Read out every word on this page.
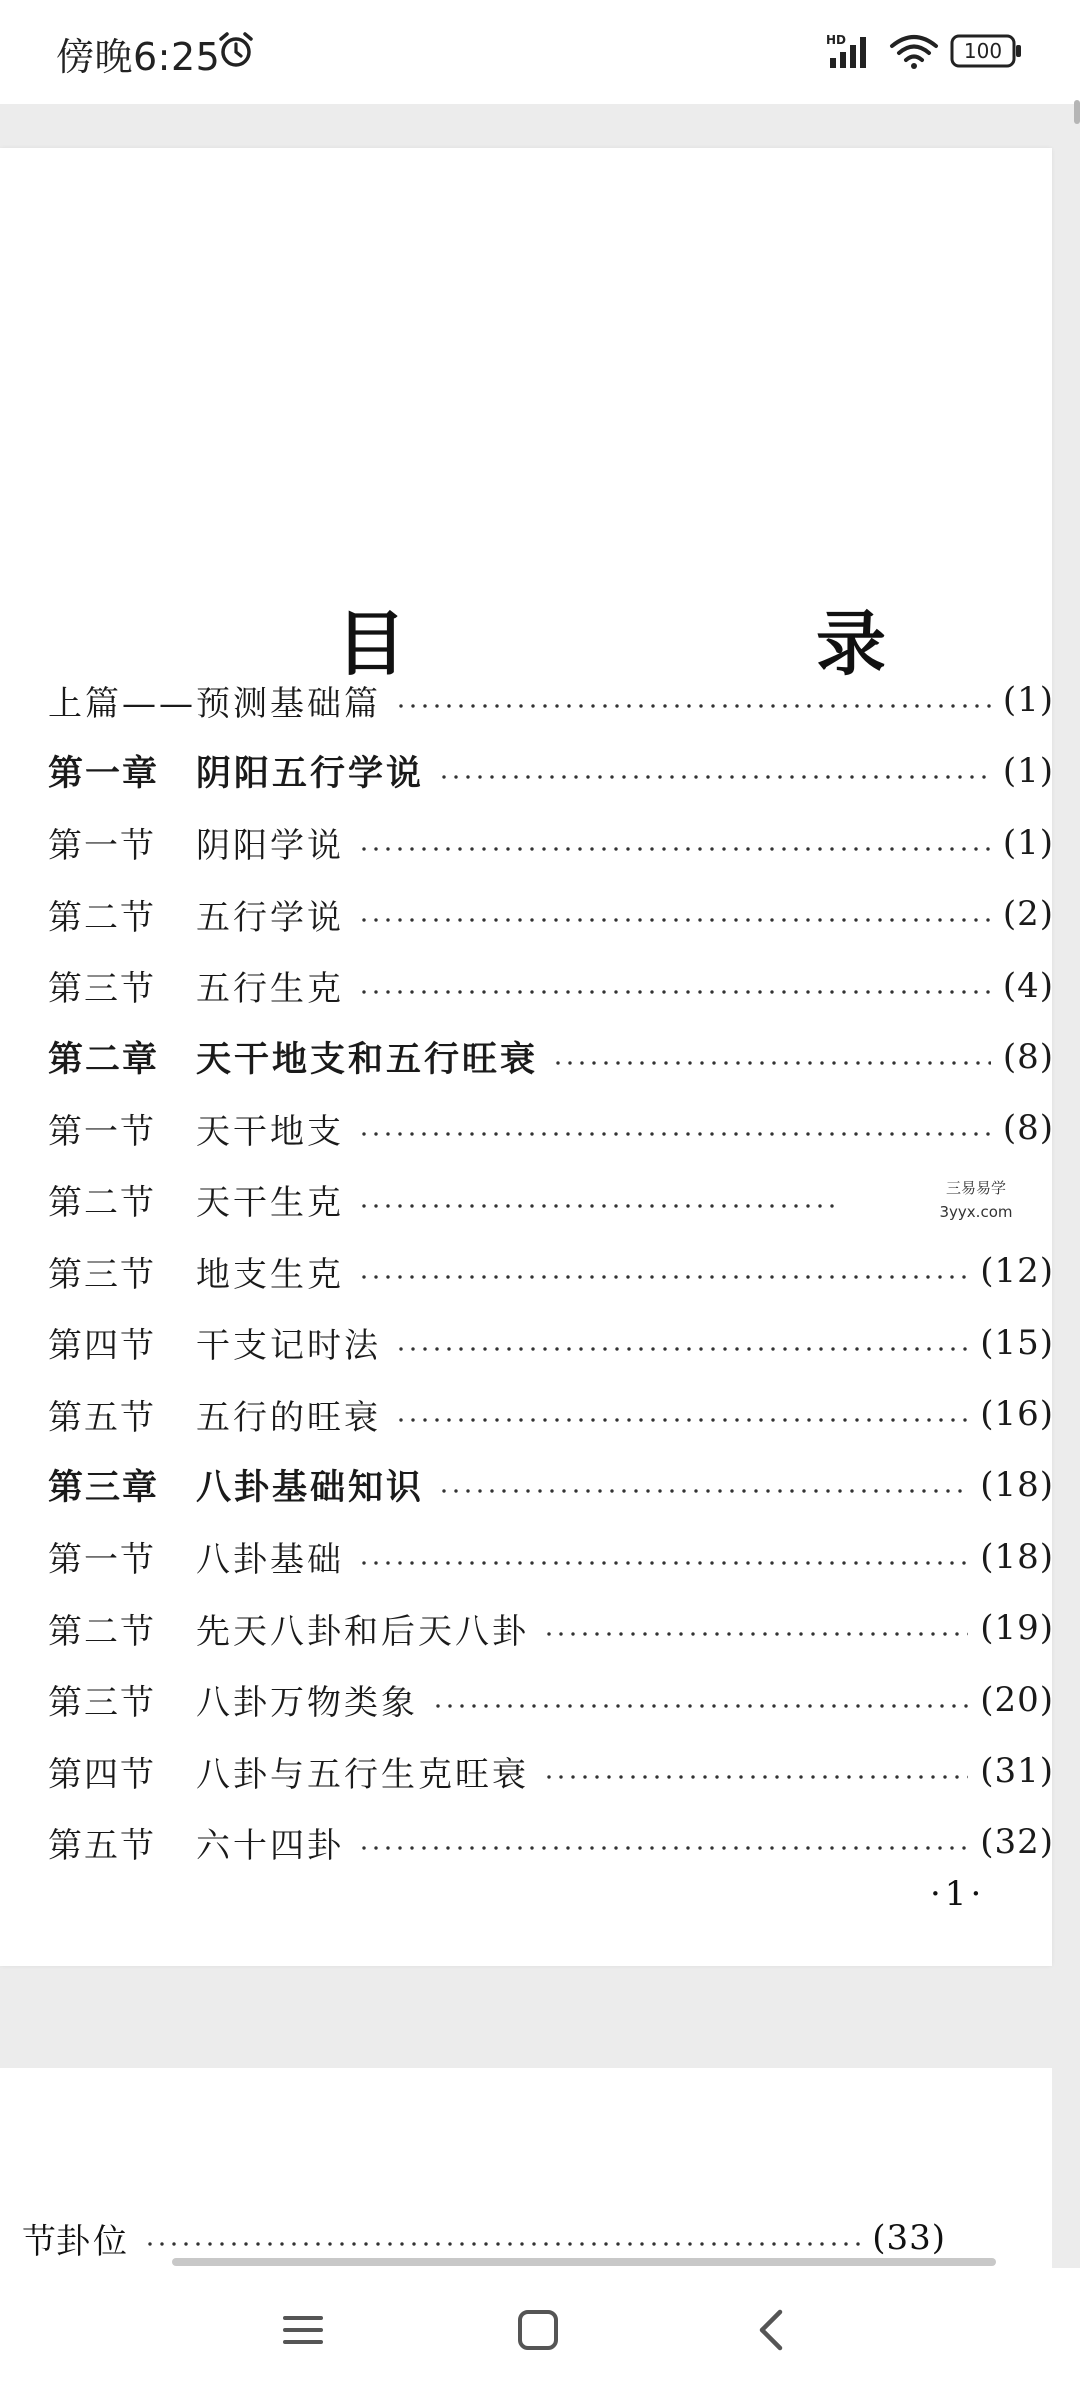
傍晚6:25	HD	100
目　录
上篇——预测基础篇	(1)
第一章	阴阳五行学说	(1)
第一节	阴阳学说	(1)
第二节	五行学说	(2)
第三节	五行生克	(4)
第二章	天干地支和五行旺衰	(8)
第一节	天干地支	(8)
第二节	天干生克
第三节	地支生克	(12)
第四节	干支记时法	(15)
第五节	五行的旺衰	(16)
第三章	八卦基础知识	(18)
第一节	八卦基础	(18)
第二节	先天八卦和后天八卦	(19)
第三节	八卦万物类象	(20)
第四节	八卦与五行生克旺衰	(31)
第五节	六十四卦	(32)
三易易学
3yyx.com
·1·
节 卦位	(33)
